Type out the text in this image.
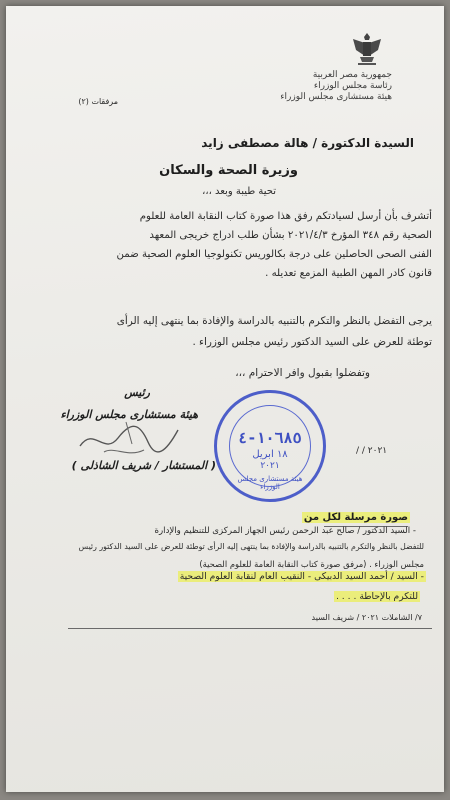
جمهورية مصر العربية
رئاسة مجلس الوزراء
هيئة مستشارى مجلس الوزراء
مرفقات (٢)
السيدة الدكتورة / هالة مصطفى زايد
وزيرة الصحة والسكان
تحية طيبة وبعد ،،،
أتشرف بأن أرسل لسيادتكم رفق هذا صورة كتاب النقابة العامة للعلوم
الصحية رقم ٣٤٨ المؤرخ ٢٠٢١/٤/٣ بشأن طلب ادراج خريجى المعهد
الفنى الصحى الحاصلين على درجة بكالوريس تكنولوجيا العلوم الصحية ضمن
قانون كادر المهن الطبية المزمع تعديله .
يرجى التفضل بالنظر والتكرم بالتنبيه بالدراسة والإفادة بما ينتهى إليه الرأى
توطئة للعرض على السيد الدكتور رئيس مجلس الوزراء .
وتفضلوا بقبول وافر الاحترام ،،،
رئيس
هيئة مستشارى مجلس الوزراء
( المستشار / شريف الشاذلى )
١٠٦٨٥-٤
١٨ ابريل
٢٠٢١
هيئة مستشارى مجلس الوزراء
/ / ٢٠٢١
صورة مرسلة لكل من
- السيد الدكتور / صالح عبد الرحمن رئيس الجهاز المركزى للتنظيم والإدارة
للتفضل بالنظر والتكرم بالتنبيه بالدراسة والإفادة بما ينتهى إليه الرأى توطئة للعرض على السيد الدكتور رئيس
مجلس الوزراء . (مرفق صورة كتاب النقابة العامة للعلوم الصحية)
- السيد / أحمد السيد الدبيكى - النقيب العام لنقابة العلوم الصحية
للتكرم بالإحاطة . . . .
٧/ الشاملات ٢٠٢١ / شريف السيد
